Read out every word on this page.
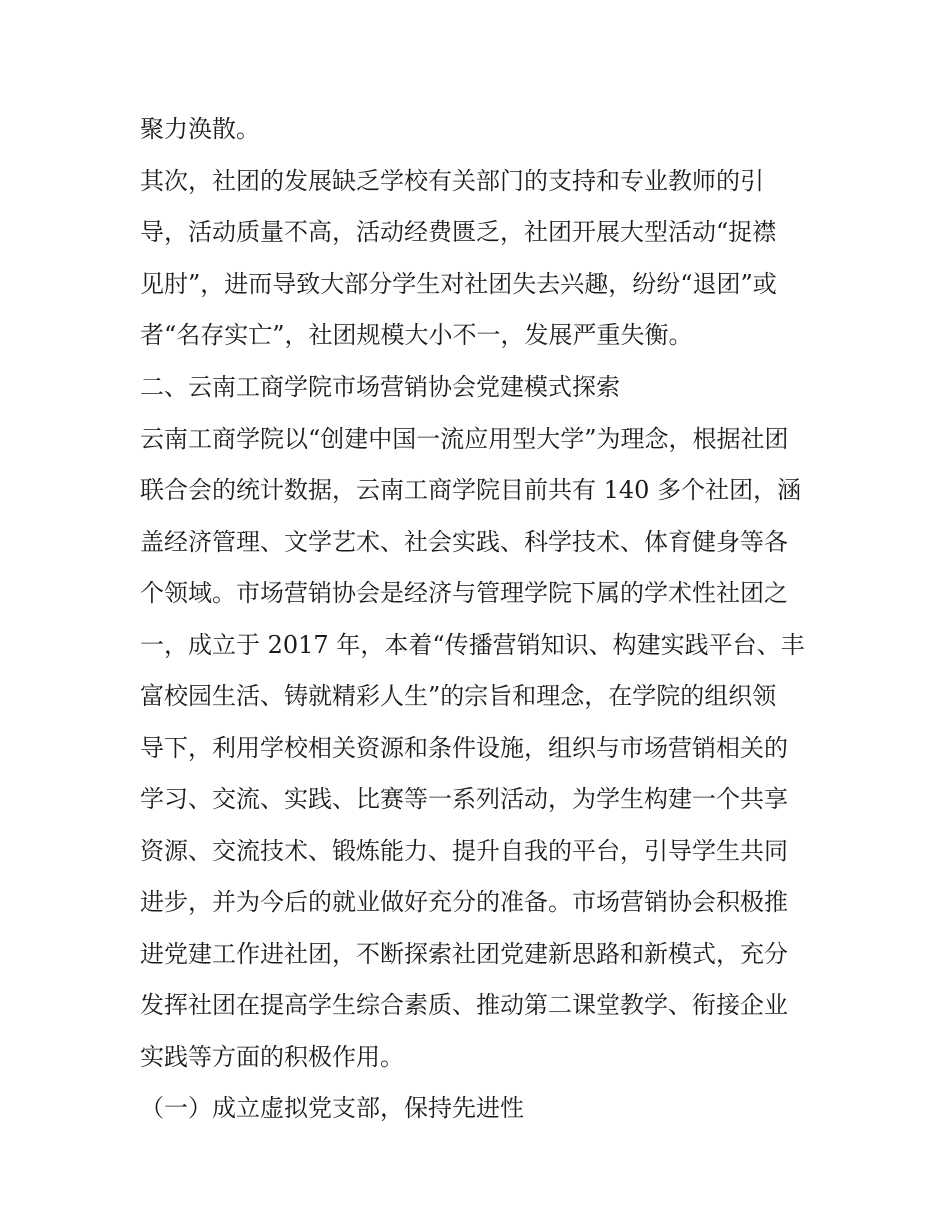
聚力涣散。
其次，社团的发展缺乏学校有关部门的支持和专业教师的引
导，活动质量不高，活动经费匮乏，社团开展大型活动“捉襟
见肘”，进而导致大部分学生对社团失去兴趣，纷纷“退团”或
者“名存实亡”，社团规模大小不一，发展严重失衡。
二、云南工商学院市场营销协会党建模式探索
云南工商学院以“创建中国一流应用型大学”为理念，根据社团
联合会的统计数据，云南工商学院目前共有 140 多个社团，涵
盖经济管理、文学艺术、社会实践、科学技术、体育健身等各
个领域。市场营销协会是经济与管理学院下属的学术性社团之
一，成立于 2017 年，本着“传播营销知识、构建实践平台、丰
富校园生活、铸就精彩人生”的宗旨和理念，在学院的组织领
导下，利用学校相关资源和条件设施，组织与市场营销相关的
学习、交流、实践、比赛等一系列活动，为学生构建一个共享
资源、交流技术、锻炼能力、提升自我的平台，引导学生共同
进步，并为今后的就业做好充分的准备。市场营销协会积极推
进党建工作进社团，不断探索社团党建新思路和新模式，充分
发挥社团在提高学生综合素质、推动第二课堂教学、衔接企业
实践等方面的积极作用。
（一）成立虚拟党支部，保持先进性
